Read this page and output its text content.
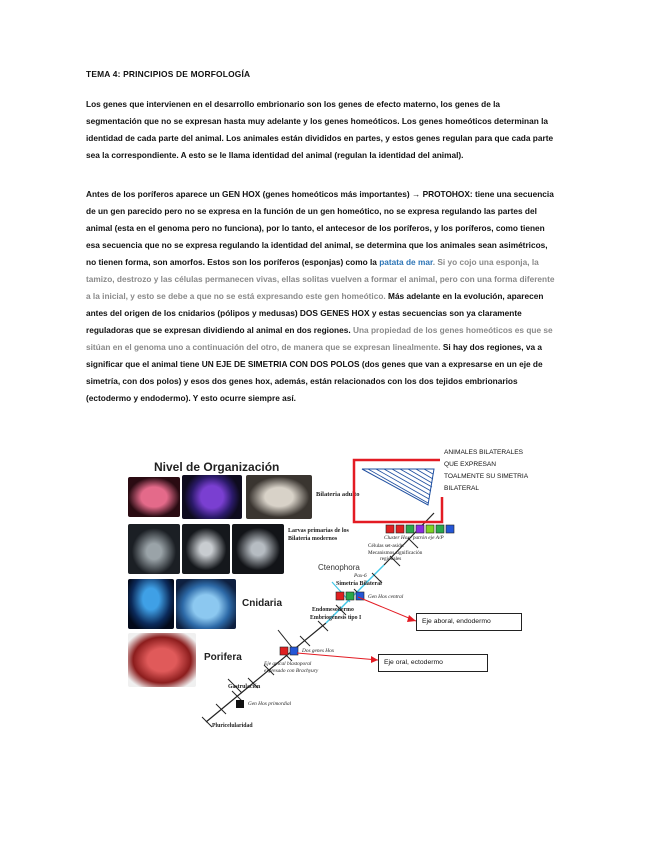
TEMA 4: PRINCIPIOS DE MORFOLOGÍA
Los genes que intervienen en el desarrollo embrionario son los genes de efecto materno, los genes de la segmentación que no se expresan hasta muy adelante y los genes homeóticos. Los genes homeóticos determinan la identidad de cada parte del animal. Los animales están divididos en partes, y estos genes regulan para que cada parte sea la correspondiente. A esto se le llama identidad del animal (regulan la identidad del animal).
Antes de los poríferos aparece un GEN HOX (genes homeóticos más importantes) → PROTOHOX: tiene una secuencia de un gen parecido pero no se expresa en la función de un gen homeótico, no se expresa regulando las partes del animal (esta en el genoma pero no funciona), por lo tanto, el antecesor de los poríferos, y los poríferos, como tienen esa secuencia que no se expresa regulando la identidad del animal, se determina que los animales sean asimétricos, no tienen forma, son amorfos. Estos son los poríferos (esponjas) como la patata de mar. Si yo cojo una esponja, la tamizo, destrozo y las células permanecen vivas, ellas solitas vuelven a formar el animal, pero con una forma diferente a la inicial, y esto se debe a que no se está expresando este gen homeótico. Más adelante en la evolución, aparecen antes del origen de los cnidarios (pólipos y medusas) DOS GENES HOX y estas secuencias son ya claramente reguladoras que se expresan dividiendo al animal en dos regiones. Una propiedad de los genes homeóticos es que se sitúan en el genoma uno a continuación del otro, de manera que se expresan linealmente. Si hay dos regiones, va a significar que el animal tiene UN EJE DE SIMETRIA CON DOS POLOS (dos genes que van a expresarse en un eje de simetría, con dos polos) y esos dos genes hox, además, están relacionados con los dos tejidos embrionarios (ectodermo y endodermo). Y esto ocurre siempre así.
Nivel de Organización
Bilateria adulto
Larvas primarias de los
Bilateria modernos
Ctenophora
Cnidaria
Porifera
Cluster Hox- patrón eje A/P
Células set-aside.
Mecanismos significación
regionales
Pax-6
Simetría Bilateral
Gen Hox central
Endomesodermo
Embriogénesis tipo I
Dos genes Hox
Eje apical blastoporal
expresado con Brachyury
Gastrulación
Gen Hox primordial
Pluricelularidad
ANIMALES BILATERALES
QUE EXPRESAN
TOALMENTE SU SIMETRIA
BILATERAL
Eje aboral, endodermo
Eje oral, ectodermo
